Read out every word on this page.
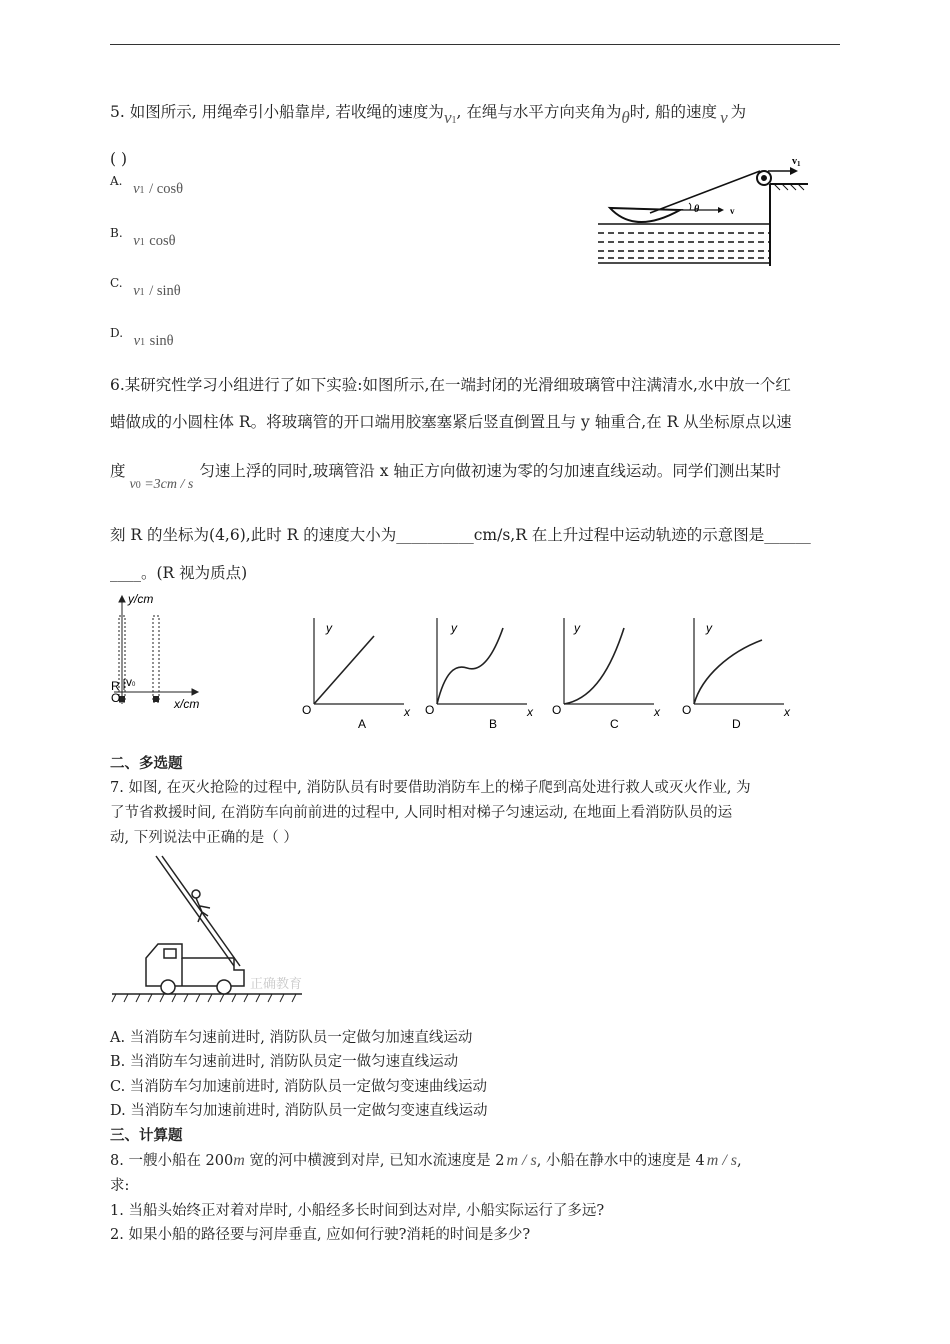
5. 如图所示, 用绳牵引小船靠岸, 若收绳的速度为v1, 在绳与水平方向夹角为θ时, 船的速度 v 为
( )
$^{A.}$ v1 / cosθ
$^{B.}$ v1 cosθ
$^{C.}$ v1 / sinθ
$^{D.}$ v1 sinθ
$v_1$
θ	v
6.某研究性学习小组进行了如下实验:如图所示,在一端封闭的光滑细玻璃管中注满清水,水中放一个红
蜡做成的小圆柱体 R。将玻璃管的开口端用胶塞塞紧后竖直倒置且与 y 轴重合,在 R 从坐标原点以速
度v0 =3cm / s匀速上浮的同时,玻璃管沿 x 轴正方向做初速为零的匀加速直线运动。同学们测出某时
刻 R 的坐标为(4,6),此时 R 的速度大小为__________cm/s,R 在上升过程中运动轨迹的示意图是______
____。(R 视为质点)
y/cm
x/cm
R v0
O
y
x
O
A
y
x
O
B
y
x
O
C
y
x
O
D
二、多选题
7. 如图, 在灭火抢险的过程中, 消防队员有时要借助消防车上的梯子爬到高处进行救人或灭火作业, 为
了节省救援时间, 在消防车向前前进的过程中, 人同时相对梯子匀速运动, 在地面上看消防队员的运
动, 下列说法中正确的是（ ）
正确教育
A. 当消防车匀速前进时, 消防队员一定做匀加速直线运动
B. 当消防车匀速前进时, 消防队员定一做匀速直线运动
C. 当消防车匀加速前进时, 消防队员一定做匀变速曲线运动
D. 当消防车匀加速前进时, 消防队员一定做匀变速直线运动
三、计算题
8. 一艘小船在 200m 宽的河中横渡到对岸, 已知水流速度是 2 m / s, 小船在静水中的速度是 4 m / s,
求:
1. 当船头始终正对着对岸时, 小船经多长时间到达对岸, 小船实际运行了多远?
2. 如果小船的路径要与河岸垂直, 应如何行驶?消耗的时间是多少?
